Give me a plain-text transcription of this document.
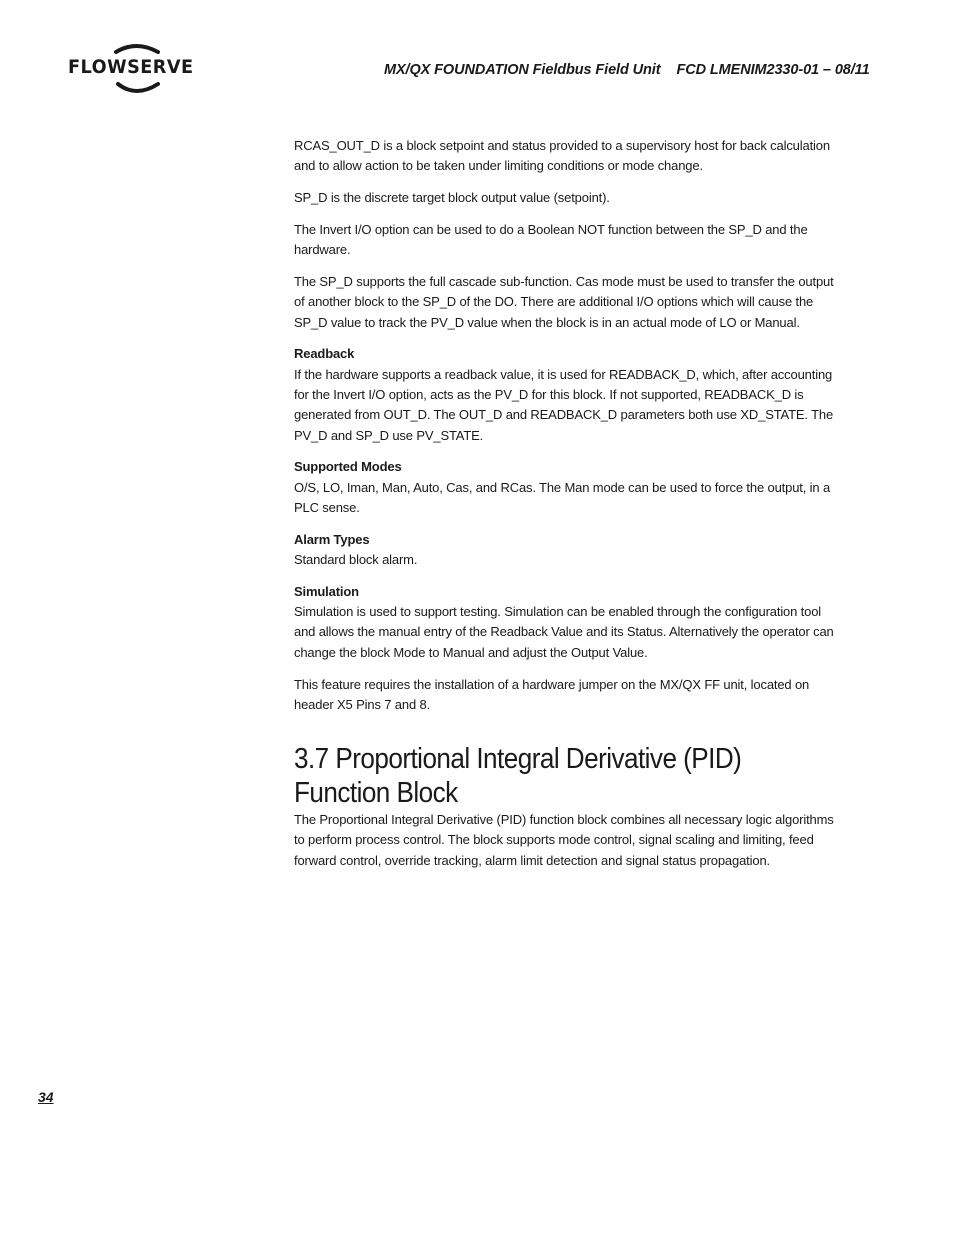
FLOWSERVE	MX/QX FOUNDATION Fieldbus Field Unit FCD LMENIM2330-01 – 08/11

RCAS_OUT_D is a block setpoint and status provided to a supervisory host for back calculation and to allow action to be taken under limiting conditions or mode change.

SP_D is the discrete target block output value (setpoint).

The Invert I/O option can be used to do a Boolean NOT function between the SP_D and the hardware.

The SP_D supports the full cascade sub-function. Cas mode must be used to transfer the output of another block to the SP_D of the DO. There are additional I/O options which will cause the SP_D value to track the PV_D value when the block is in an actual mode of LO or Manual.

Readback

If the hardware supports a readback value, it is used for READBACK_D, which, after accounting for the Invert I/O option, acts as the PV_D for this block. If not supported, READBACK_D is generated from OUT_D. The OUT_D and READBACK_D parameters both use XD_STATE. The PV_D and SP_D use PV_STATE.

Supported Modes

O/S, LO, Iman, Man, Auto, Cas, and RCas. The Man mode can be used to force the output, in a PLC sense.

Alarm Types

Standard block alarm.

Simulation

Simulation is used to support testing. Simulation can be enabled through the configuration tool and allows the manual entry of the Readback Value and its Status. Alternatively the operator can change the block Mode to Manual and adjust the Output Value.

This feature requires the installation of a hardware jumper on the MX/QX FF unit, located on header X5 Pins 7 and 8.

3.7 Proportional Integral Derivative (PID)
Function Block

The Proportional Integral Derivative (PID) function block combines all necessary logic algorithms to perform process control. The block supports mode control, signal scaling and limiting, feed forward control, override tracking, alarm limit detection and signal status propagation.

34
